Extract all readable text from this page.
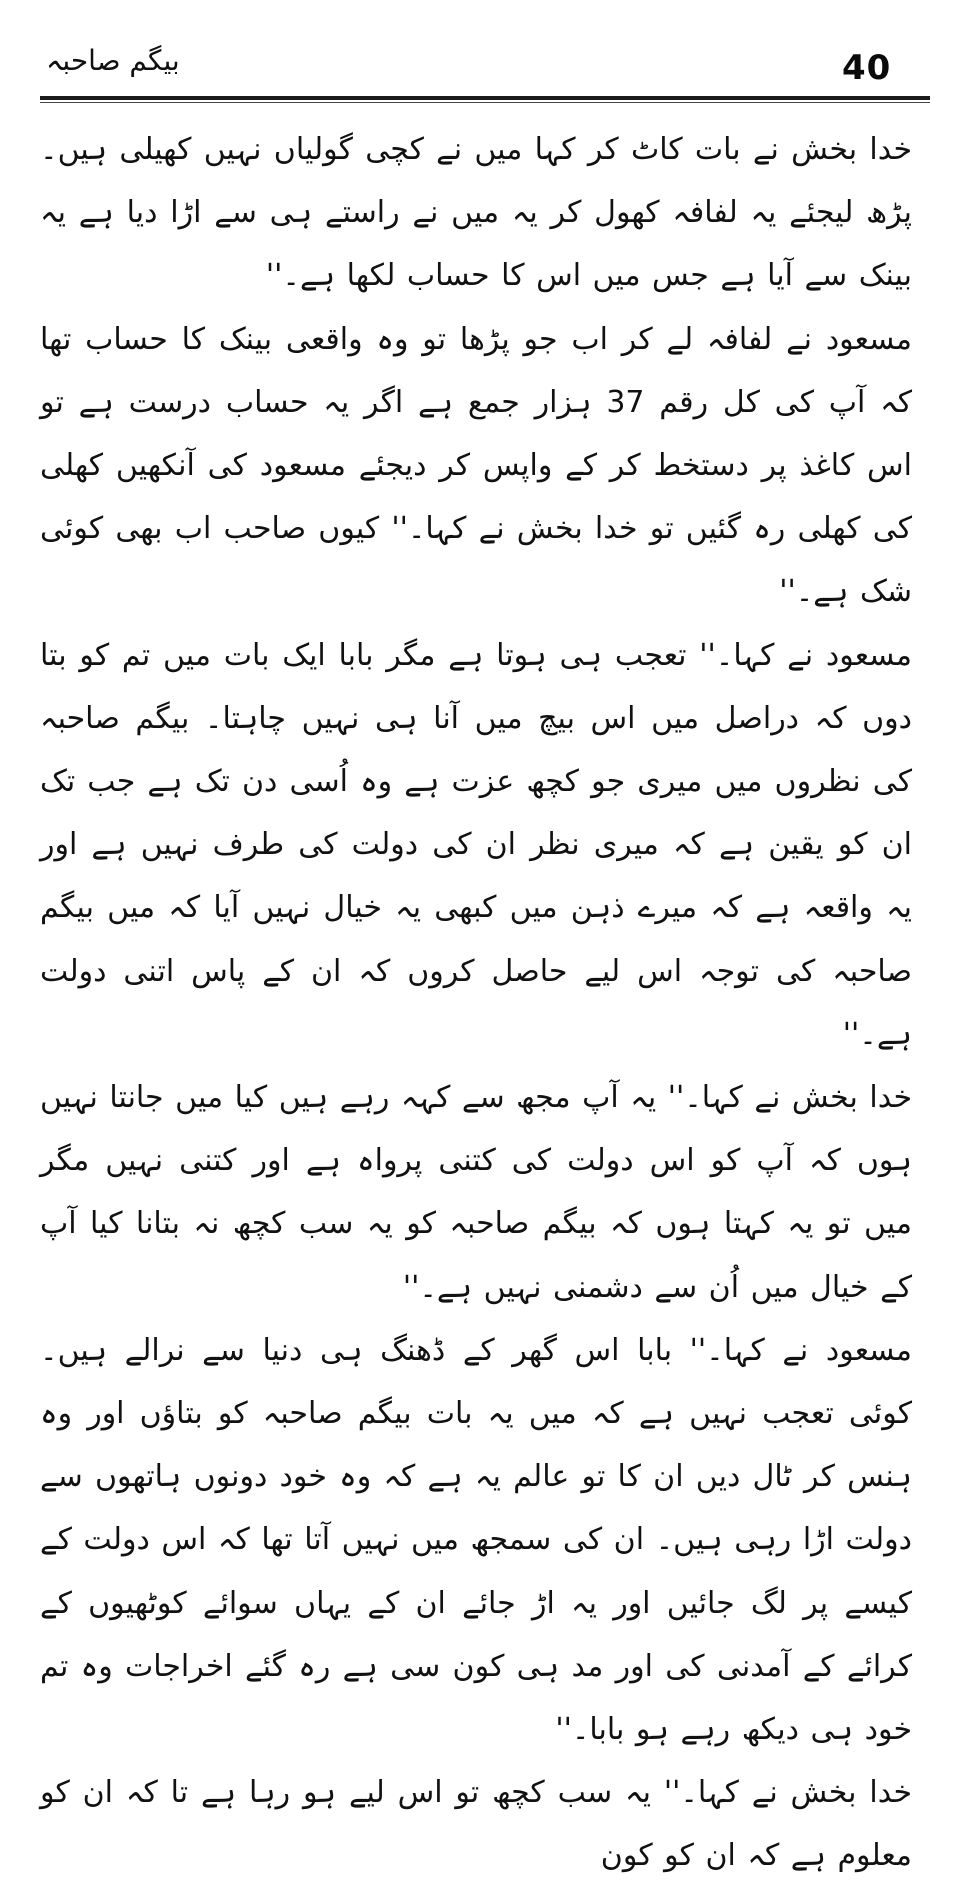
40
بیگم صاحبہ

خدا بخش نے بات کاٹ کر کہا میں نے کچی گولیاں نہیں کھیلی ہیں۔ پڑھ لیجئے یہ لفافہ کھول کر یہ میں نے راستے ہی سے اڑا دیا ہے یہ بینک سے آیا ہے جس میں اس کا حساب لکھا ہے۔''

مسعود نے لفافہ لے کر اب جو پڑھا تو وہ واقعی بینک کا حساب تھا کہ آپ کی کل رقم 37 ہزار جمع ہے اگر یہ حساب درست ہے تو اس کاغذ پر دستخط کر کے واپس کر دیجئے مسعود کی آنکھیں کھلی کی کھلی رہ گئیں تو خدا بخش نے کہا۔'' کیوں صاحب اب بھی کوئی شک ہے۔''

مسعود نے کہا۔'' تعجب ہی ہوتا ہے مگر بابا ایک بات میں تم کو بتا دوں کہ دراصل میں اس بیچ میں آنا ہی نہیں چاہتا۔ بیگم صاحبہ کی نظروں میں میری جو کچھ عزت ہے وہ اُسی دن تک ہے جب تک ان کو یقین ہے کہ میری نظر ان کی دولت کی طرف نہیں ہے اور یہ واقعہ ہے کہ میرے ذہن میں کبھی یہ خیال نہیں آیا کہ میں بیگم صاحبہ کی توجہ اس لیے حاصل کروں کہ ان کے پاس اتنی دولت ہے۔''

خدا بخش نے کہا۔'' یہ آپ مجھ سے کہہ رہے ہیں کیا میں جانتا نہیں ہوں کہ آپ کو اس دولت کی کتنی پرواہ ہے اور کتنی نہیں مگر میں تو یہ کہتا ہوں کہ بیگم صاحبہ کو یہ سب کچھ نہ بتانا کیا آپ کے خیال میں اُن سے دشمنی نہیں ہے۔''

مسعود نے کہا۔'' بابا اس گھر کے ڈھنگ ہی دنیا سے نرالے ہیں۔ کوئی تعجب نہیں ہے کہ میں یہ بات بیگم صاحبہ کو بتاؤں اور وہ ہنس کر ٹال دیں ان کا تو عالم یہ ہے کہ وہ خود دونوں ہاتھوں سے دولت اڑا رہی ہیں۔ ان کی سمجھ میں نہیں آتا تھا کہ اس دولت کے کیسے پر لگ جائیں اور یہ اڑ جائے ان کے یہاں سوائے کوٹھیوں کے کرائے کے آمدنی کی اور مد ہی کون سی ہے رہ گئے اخراجات وہ تم خود ہی دیکھ رہے ہو بابا۔''

خدا بخش نے کہا۔'' یہ سب کچھ تو اس لیے ہو رہا ہے تا کہ ان کو معلوم ہے کہ ان کو کون
